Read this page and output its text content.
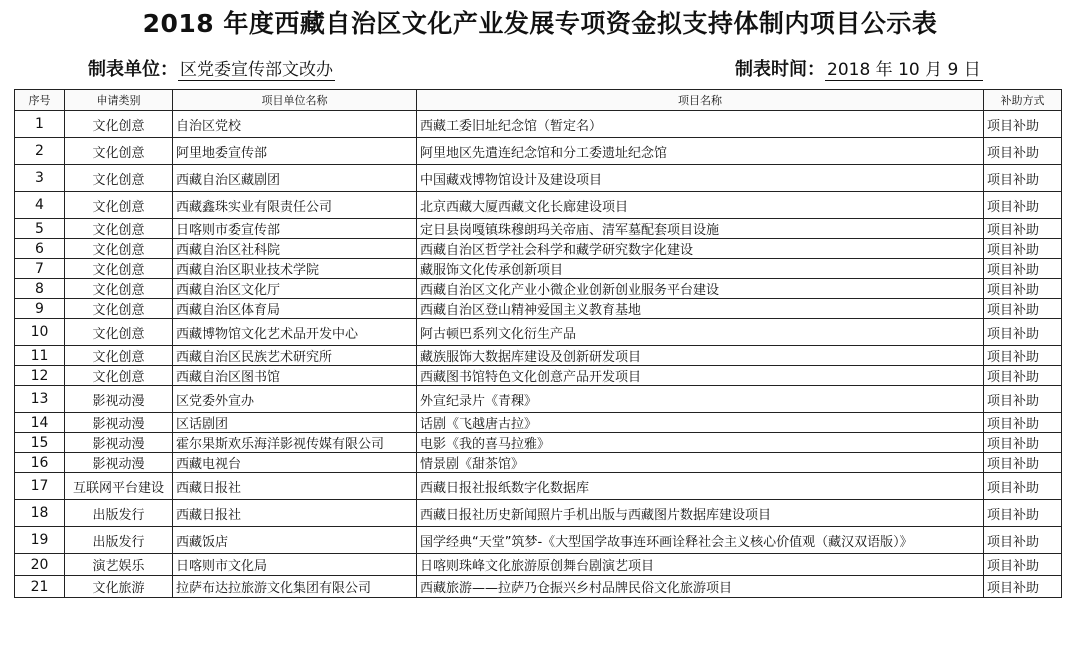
2018 年度西藏自治区文化产业发展专项资金拟支持体制内项目公示表
制表单位： 区党委宣传部文改办	制表时间： 2018 年 10 月 9 日
序号	申请类别	项目单位名称	项目名称	补助方式
1	文化创意	自治区党校	西藏工委旧址纪念馆（暂定名）	项目补助
2	文化创意	阿里地委宣传部	阿里地区先遣连纪念馆和分工委遗址纪念馆	项目补助
3	文化创意	西藏自治区藏剧团	中国藏戏博物馆设计及建设项目	项目补助
4	文化创意	西藏鑫珠实业有限责任公司	北京西藏大厦西藏文化长廊建设项目	项目补助
5	文化创意	日喀则市委宣传部	定日县岗嘎镇珠穆朗玛关帝庙、清军墓配套项目设施	项目补助
6	文化创意	西藏自治区社科院	西藏自治区哲学社会科学和藏学研究数字化建设	项目补助
7	文化创意	西藏自治区职业技术学院	藏服饰文化传承创新项目	项目补助
8	文化创意	西藏自治区文化厅	西藏自治区文化产业小微企业创新创业服务平台建设	项目补助
9	文化创意	西藏自治区体育局	西藏自治区登山精神爱国主义教育基地	项目补助
10	文化创意	西藏博物馆文化艺术品开发中心	阿古顿巴系列文化衍生产品	项目补助
11	文化创意	西藏自治区民族艺术研究所	藏族服饰大数据库建设及创新研发项目	项目补助
12	文化创意	西藏自治区图书馆	西藏图书馆特色文化创意产品开发项目	项目补助
13	影视动漫	区党委外宣办	外宣纪录片《青稞》	项目补助
14	影视动漫	区话剧团	话剧《飞越唐古拉》	项目补助
15	影视动漫	霍尔果斯欢乐海洋影视传媒有限公司	电影《我的喜马拉雅》	项目补助
16	影视动漫	西藏电视台	情景剧《甜茶馆》	项目补助
17	互联网平台建设	西藏日报社	西藏日报社报纸数字化数据库	项目补助
18	出版发行	西藏日报社	西藏日报社历史新闻照片手机出版与西藏图片数据库建设项目	项目补助
19	出版发行	西藏饭店	国学经典“天堂”筑梦-《大型国学故事连环画诠释社会主义核心价值观（藏汉双语版）》	项目补助
20	演艺娱乐	日喀则市文化局	日喀则珠峰文化旅游原创舞台剧演艺项目	项目补助
21	文化旅游	拉萨布达拉旅游文化集团有限公司	西藏旅游——拉萨乃仓振兴乡村品牌民俗文化旅游项目	项目补助
